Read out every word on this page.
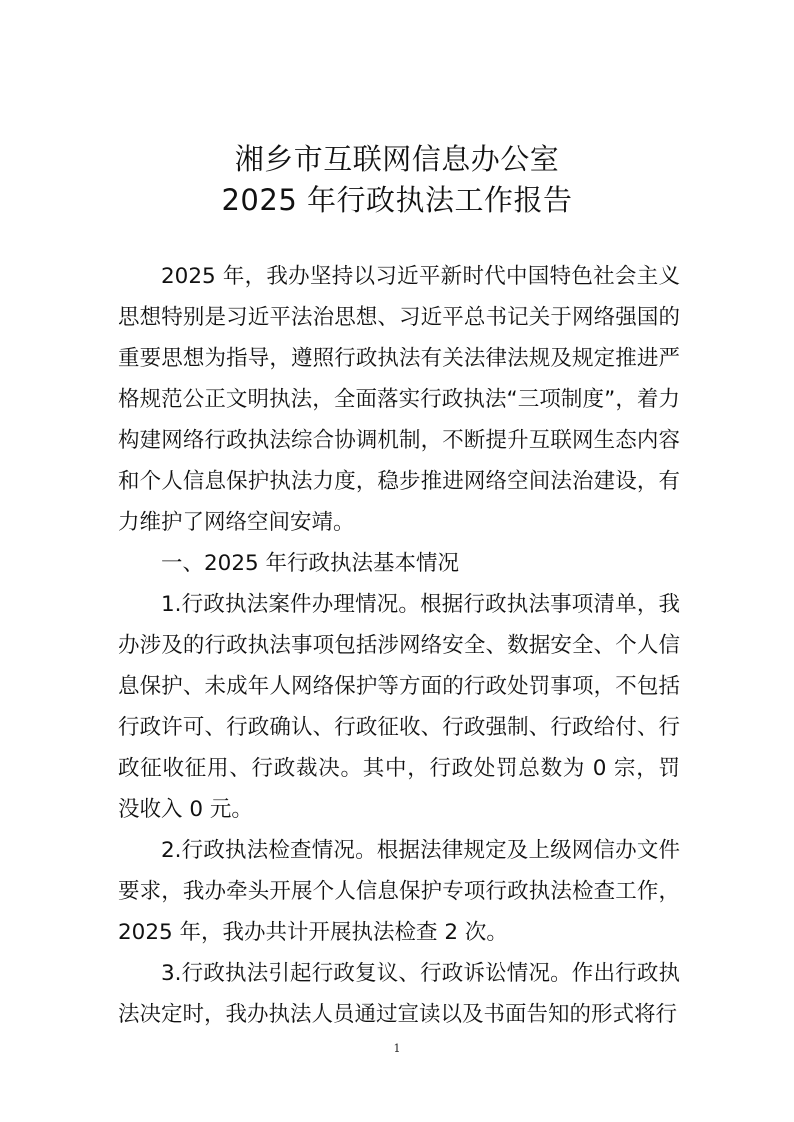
湘乡市互联网信息办公室
2025 年行政执法工作报告

2025 年，我办坚持以习近平新时代中国特色社会主义思想特别是习近平法治思想、习近平总书记关于网络强国的重要思想为指导，遵照行政执法有关法律法规及规定推进严格规范公正文明执法，全面落实行政执法“三项制度”，着力构建网络行政执法综合协调机制，不断提升互联网生态内容和个人信息保护执法力度，稳步推进网络空间法治建设，有力维护了网络空间安靖。

一、2025 年行政执法基本情况

1.行政执法案件办理情况。根据行政执法事项清单，我办涉及的行政执法事项包括涉网络安全、数据安全、个人信息保护、未成年人网络保护等方面的行政处罚事项，不包括行政许可、行政确认、行政征收、行政强制、行政给付、行政征收征用、行政裁决。其中，行政处罚总数为 0 宗，罚没收入 0 元。

2.行政执法检查情况。根据法律规定及上级网信办文件要求，我办牵头开展个人信息保护专项行政执法检查工作，2025 年，我办共计开展执法检查 2 次。

3.行政执法引起行政复议、行政诉讼情况。作出行政执法决定时，我办执法人员通过宣读以及书面告知的形式将行

1
